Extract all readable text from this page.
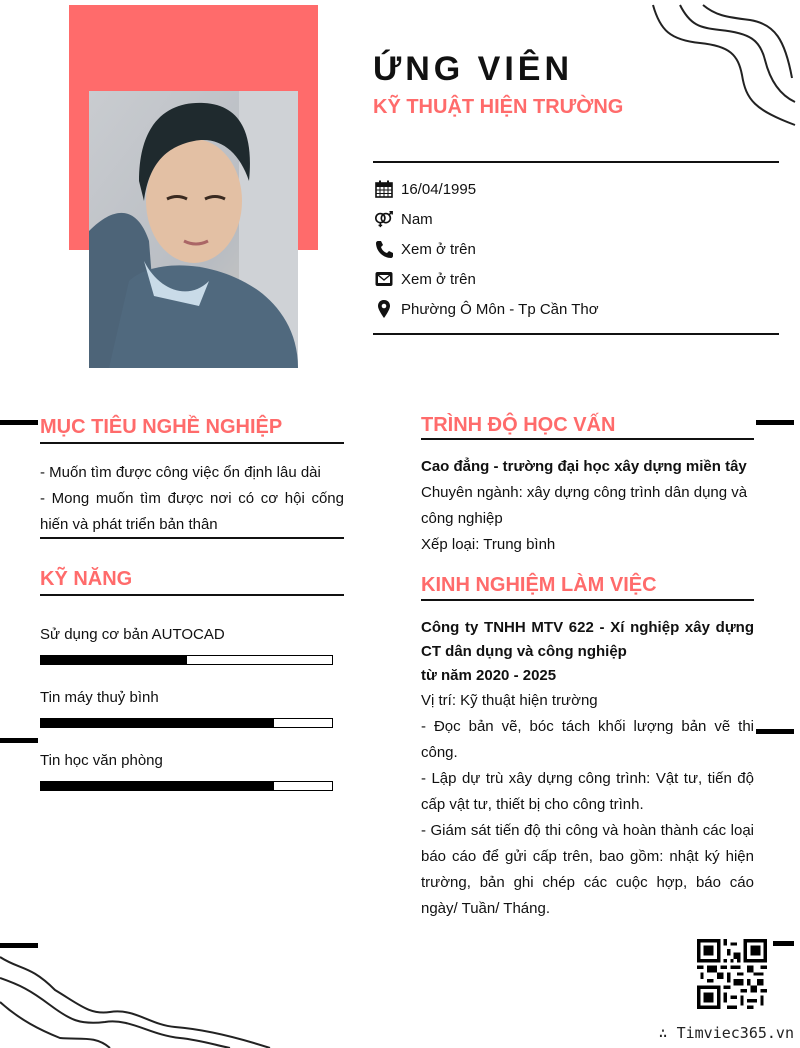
ỨNG VIÊN
KỸ THUẬT HIỆN TRƯỜNG
16/04/1995
Nam
Xem ở trên
Xem ở trên
Phường Ô Môn - Tp Cần Thơ
MỤC TIÊU NGHỀ NGHIỆP
- Muốn tìm được công việc ổn định lâu dài
- Mong muốn tìm được nơi có cơ hội cống hiến và phát triển bản thân
KỸ NĂNG
Sử dụng cơ bản AUTOCAD
Tin máy thuỷ bình
Tin học văn phòng
TRÌNH ĐỘ HỌC VẤN
Cao đẳng - trường đại học xây dựng miền tây
Chuyên ngành: xây dựng công trình dân dụng và công nghiệp
Xếp loại: Trung bình
KINH NGHIỆM LÀM VIỆC
Công ty TNHH MTV 622 - Xí nghiệp xây dựng CT dân dụng và công nghiệp
từ năm 2020 - 2025
Vị trí: Kỹ thuật hiện trường
- Đọc bản vẽ, bóc tách khối lượng bản vẽ thi công.
- Lập dự trù xây dựng công trình: Vật tư, tiến độ cấp vật tư, thiết bị cho công trình.
- Giám sát tiến độ thi công và hoàn thành các loại báo cáo để gửi cấp trên, bao gồm: nhật ký hiện trường, bản ghi chép các cuộc hợp, báo cáo ngày/ Tuần/ Tháng.
∴ Timviec365.vn
